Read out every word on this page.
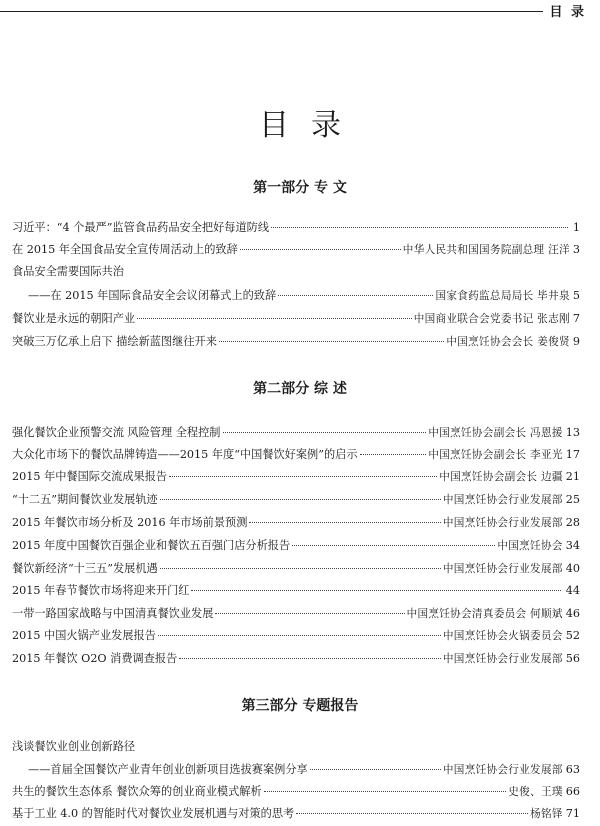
目 录
目录
第一部分 专 文
习近平：“4 个最严”监管食品药品安全把好每道防线	1
在 2015 年全国食品安全宣传周活动上的致辞	中华人民共和国国务院副总理 汪洋 3
食品安全需要国际共治
——在 2015 年国际食品安全会议闭幕式上的致辞	国家食药监总局局长 毕井泉 5
餐饮业是永远的朝阳产业	中国商业联合会党委书记 张志刚 7
突破三万亿承上启下 描绘新蓝图继往开来	中国烹饪协会会长 姜俊贤 9
第二部分 综 述
强化餐饮企业预警交流 风险管理 全程控制	中国烹饪协会副会长 冯恩援 13
大众化市场下的餐饮品牌铸造——2015 年度“中国餐饮好案例”的启示	中国烹饪协会副会长 李亚光 17
2015 年中餐国际交流成果报告	中国烹饪协会副会长 边疆 21
“十二五”期间餐饮业发展轨迹	中国烹饪协会行业发展部 25
2015 年餐饮市场分析及 2016 年市场前景预测	中国烹饪协会行业发展部 28
2015 年度中国餐饮百强企业和餐饮五百强门店分析报告	中国烹饪协会 34
餐饮新经济“十三五”发展机遇	中国烹饪协会行业发展部 40
2015 年春节餐饮市场将迎来开门红	44
一带一路国家战略与中国清真餐饮业发展	中国烹饪协会清真委员会 何顺斌 46
2015 中国火锅产业发展报告	中国烹饪协会火锅委员会 52
2015 年餐饮 O2O 消费调查报告	中国烹饪协会行业发展部 56
第三部分 专题报告
浅谈餐饮业创业创新路径
——首届全国餐饮产业青年创业创新项目选拔赛案例分享	中国烹饪协会行业发展部 63
共生的餐饮生态体系 餐饮众筹的创业商业模式解析	史俊、王璞 66
基于工业 4.0 的智能时代对餐饮业发展机遇与对策的思考	杨铭铎 71
